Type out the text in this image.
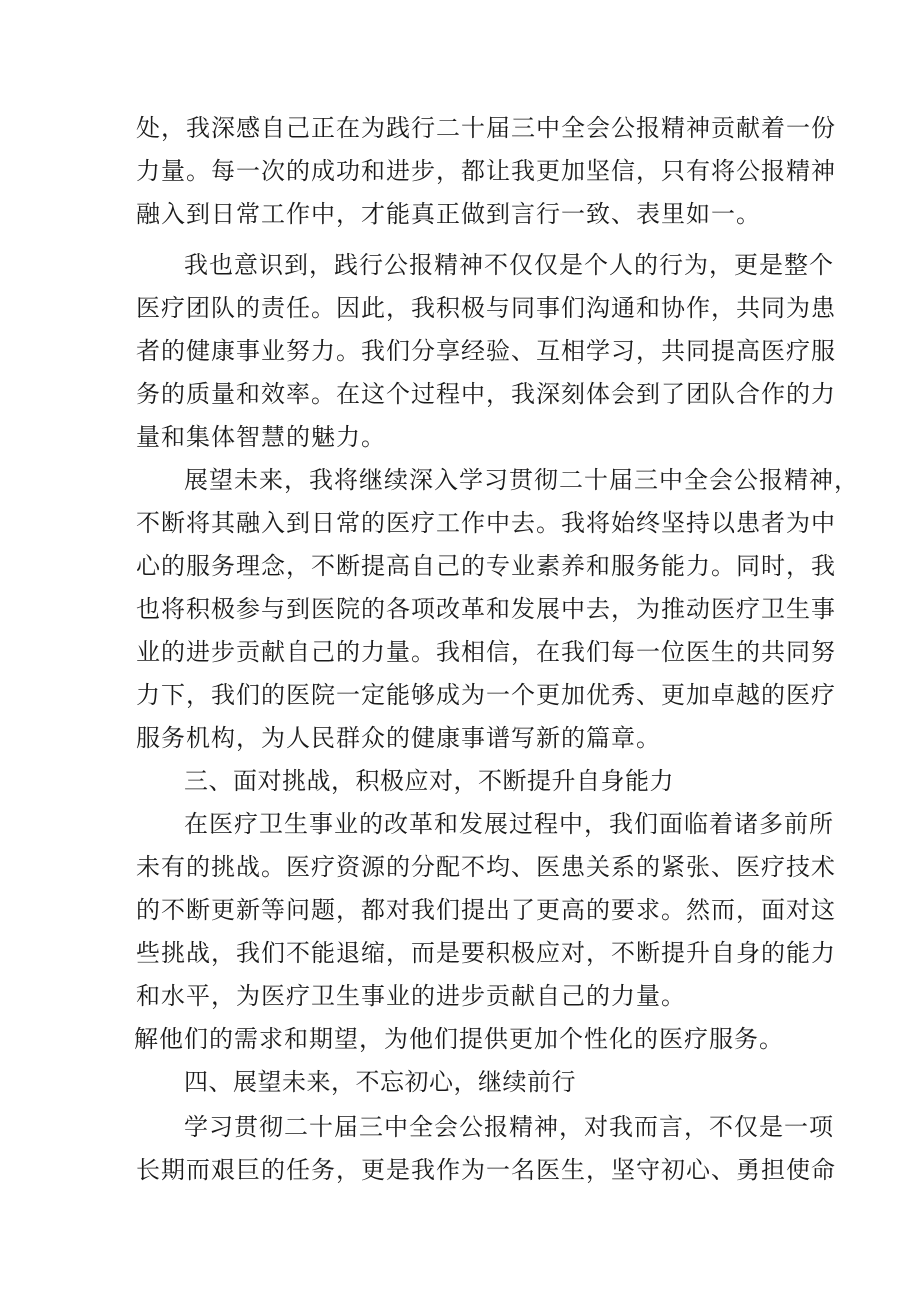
处，我深感自己正在为践行二十届三中全会公报精神贡献着一份
力量。每一次的成功和进步，都让我更加坚信，只有将公报精神
融入到日常工作中，才能真正做到言行一致、表里如一。
我也意识到，践行公报精神不仅仅是个人的行为，更是整个
医疗团队的责任。因此，我积极与同事们沟通和协作，共同为患
者的健康事业努力。我们分享经验、互相学习，共同提高医疗服
务的质量和效率。在这个过程中，我深刻体会到了团队合作的力
量和集体智慧的魅力。
展望未来，我将继续深入学习贯彻二十届三中全会公报精神，
不断将其融入到日常的医疗工作中去。我将始终坚持以患者为中
心的服务理念，不断提高自己的专业素养和服务能力。同时，我
也将积极参与到医院的各项改革和发展中去，为推动医疗卫生事
业的进步贡献自己的力量。我相信，在我们每一位医生的共同努
力下，我们的医院一定能够成为一个更加优秀、更加卓越的医疗
服务机构，为人民群众的健康事谱写新的篇章。
三、面对挑战，积极应对，不断提升自身能力
在医疗卫生事业的改革和发展过程中，我们面临着诸多前所
未有的挑战。医疗资源的分配不均、医患关系的紧张、医疗技术
的不断更新等问题，都对我们提出了更高的要求。然而，面对这
些挑战，我们不能退缩，而是要积极应对，不断提升自身的能力
和水平，为医疗卫生事业的进步贡献自己的力量。
解他们的需求和期望，为他们提供更加个性化的医疗服务。
四、展望未来，不忘初心，继续前行
学习贯彻二十届三中全会公报精神，对我而言，不仅是一项
长期而艰巨的任务，更是我作为一名医生，坚守初心、勇担使命
